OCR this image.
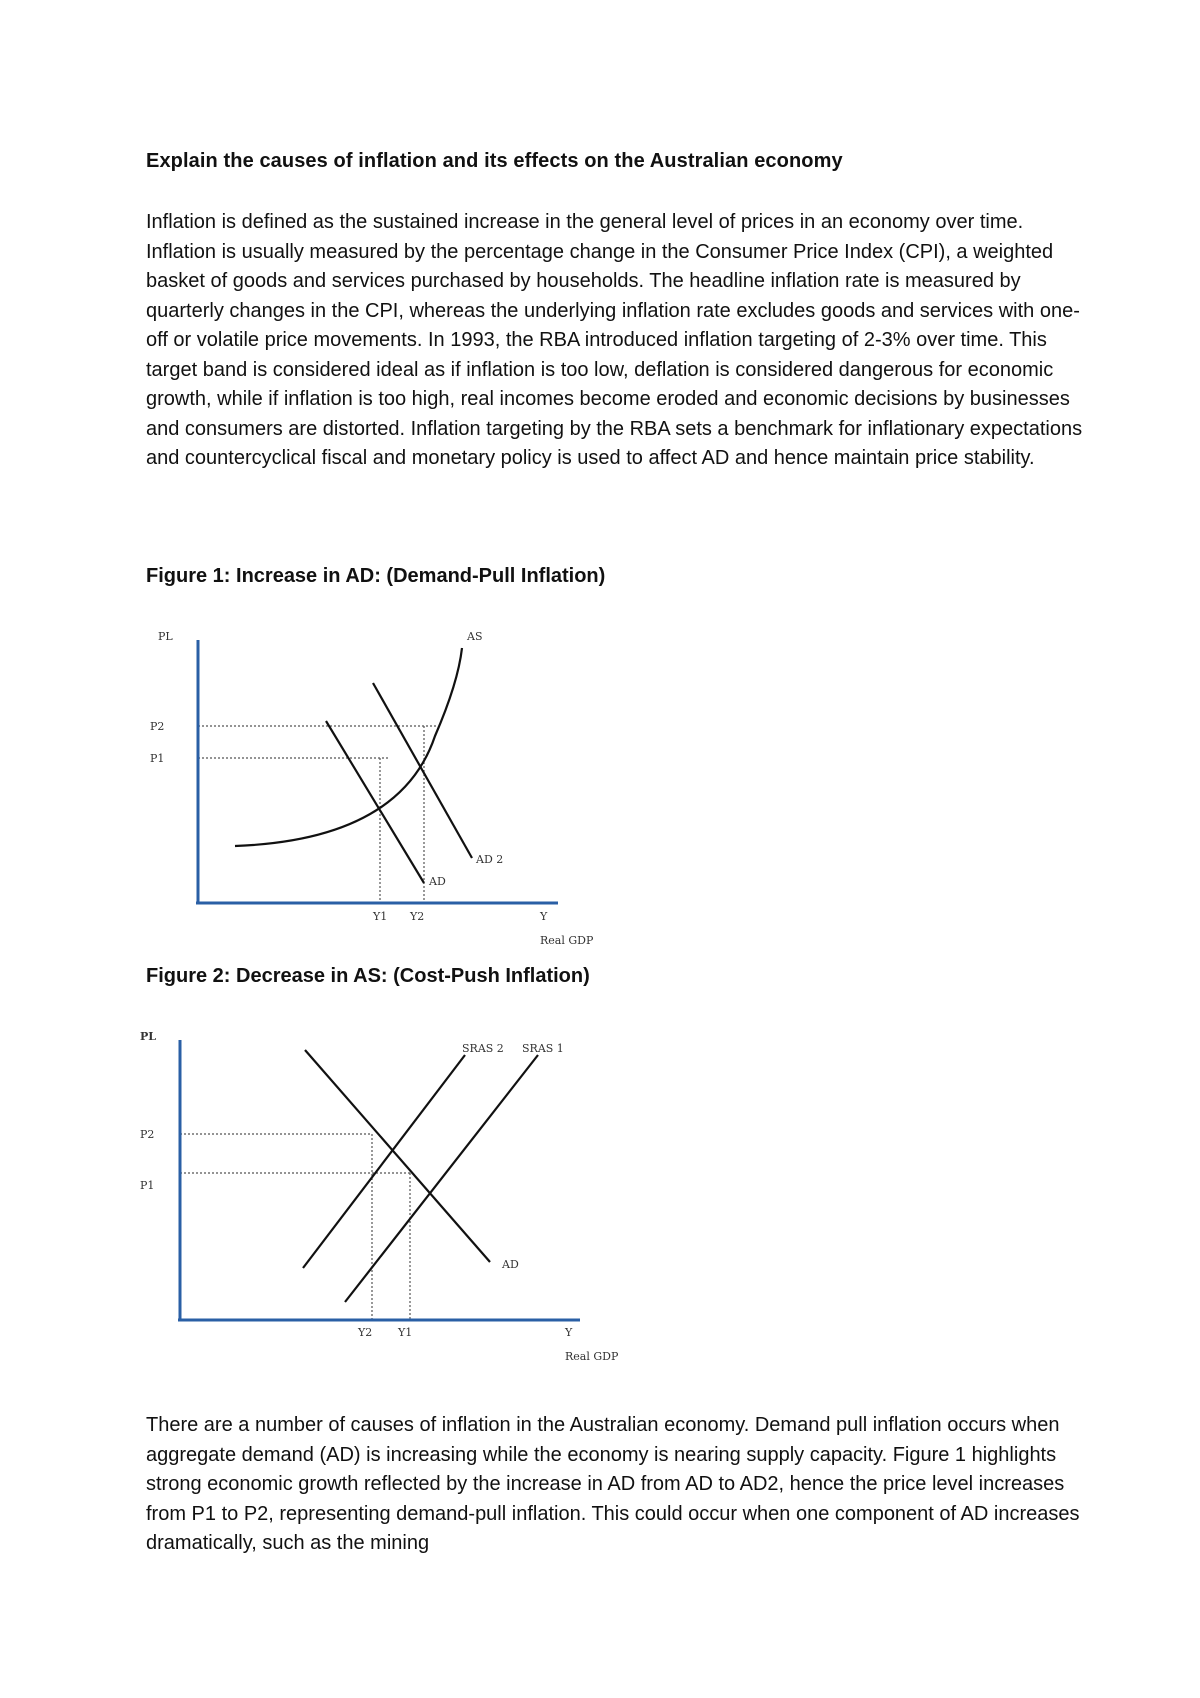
Explain the causes of inflation and its effects on the Australian economy
Inflation is defined as the sustained increase in the general level of prices in an economy over time. Inflation is usually measured by the percentage change in the Consumer Price Index (CPI), a weighted basket of goods and services purchased by households. The headline inflation rate is measured by quarterly changes in the CPI, whereas the underlying inflation rate excludes goods and services with one-off or volatile price movements. In 1993, the RBA introduced inflation targeting of 2-3% over time. This target band is considered ideal as if inflation is too low, deflation is considered dangerous for economic growth, while if inflation is too high, real incomes become eroded and economic decisions by businesses and consumers are distorted. Inflation targeting by the RBA sets a benchmark for inflationary expectations and countercyclical fiscal and monetary policy is used to affect AD and hence maintain price stability.
Figure 1: Increase in AD: (Demand-Pull Inflation)
PL	AS
P2
P1
AD 2
AD
Y1 Y2	Y
Real GDP
Figure 2: Decrease in AS: (Cost-Push Inflation)
PL
SRAS 2 SRAS 1
P2
P1
AD
Y2 Y1	Y
Real GDP
There are a number of causes of inflation in the Australian economy. Demand pull inflation occurs when aggregate demand (AD) is increasing while the economy is nearing supply capacity. Figure 1 highlights strong economic growth reflected by the increase in AD from AD to AD2, hence the price level increases from P1 to P2, representing demand-pull inflation. This could occur when one component of AD increases dramatically, such as the mining
